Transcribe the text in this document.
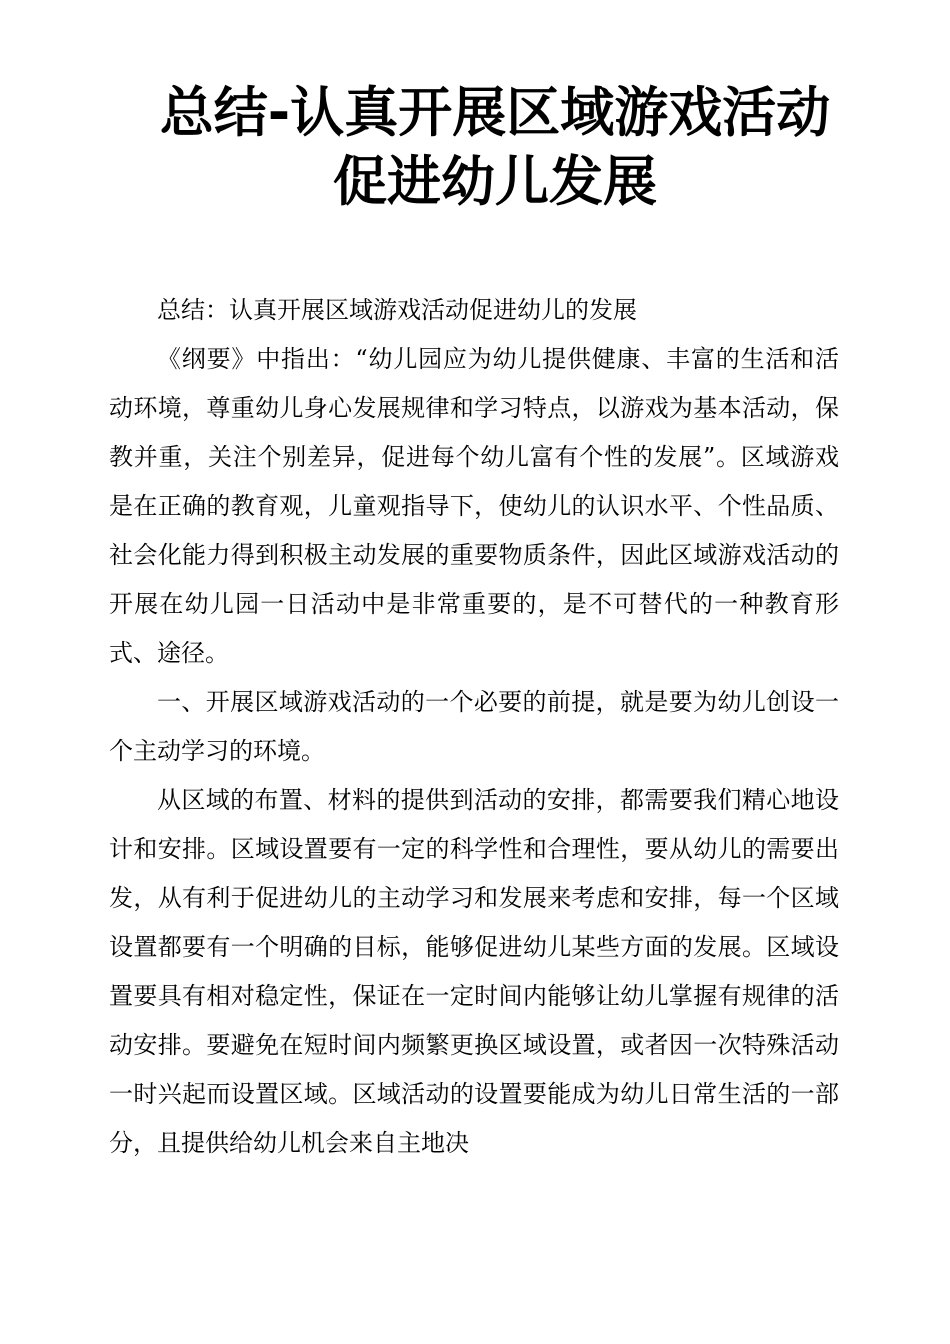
总结-认真开展区域游戏活动
促进幼儿发展

总结：认真开展区域游戏活动促进幼儿的发展

《纲要》中指出：“幼儿园应为幼儿提供健康、丰富的生活和活动环境，尊重幼儿身心发展规律和学习特点，以游戏为基本活动，保教并重，关注个别差异，促进每个幼儿富有个性的发展”。区域游戏是在正确的教育观，儿童观指导下，使幼儿的认识水平、个性品质、社会化能力得到积极主动发展的重要物质条件，因此区域游戏活动的开展在幼儿园一日活动中是非常重要的，是不可替代的一种教育形式、途径。

一、开展区域游戏活动的一个必要的前提，就是要为幼儿创设一个主动学习的环境。

从区域的布置、材料的提供到活动的安排，都需要我们精心地设计和安排。区域设置要有一定的科学性和合理性，要从幼儿的需要出发，从有利于促进幼儿的主动学习和发展来考虑和安排，每一个区域设置都要有一个明确的目标，能够促进幼儿某些方面的发展。区域设置要具有相对稳定性，保证在一定时间内能够让幼儿掌握有规律的活动安排。要避免在短时间内频繁更换区域设置，或者因一次特殊活动一时兴起而设置区域。区域活动的设置要能成为幼儿日常生活的一部分，且提供给幼儿机会来自主地决
